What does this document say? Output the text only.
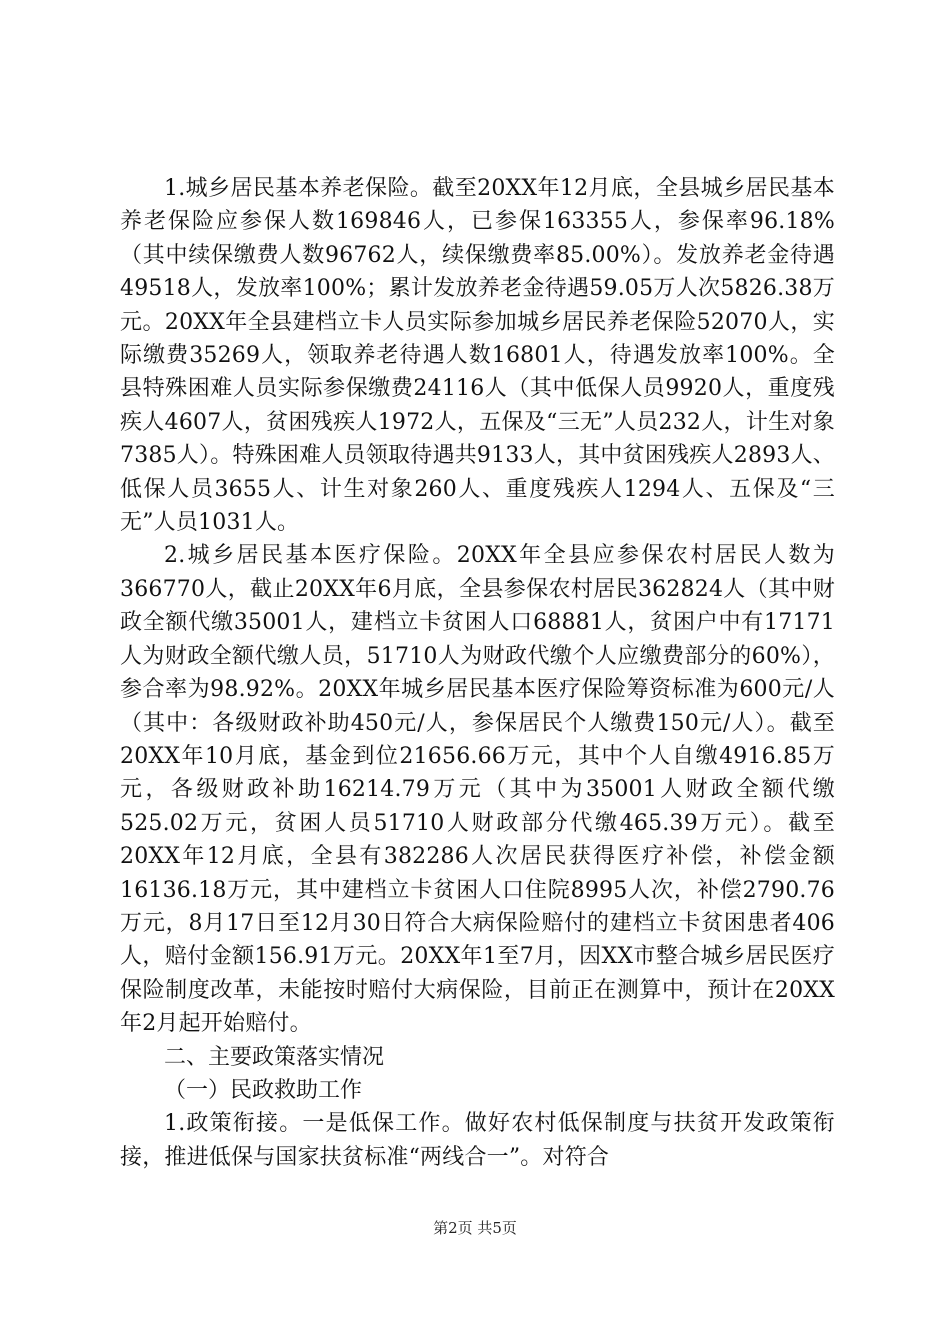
1.城乡居民基本养老保险。截至20XX年12月底，全县城乡居民基本养老保险应参保人数169846人，已参保163355人，参保率96.18%（其中续保缴费人数96762人，续保缴费率85.00%）。发放养老金待遇49518人，发放率100%；累计发放养老金待遇59.05万人次5826.38万元。20XX年全县建档立卡人员实际参加城乡居民养老保险52070人，实际缴费35269人，领取养老待遇人数16801人，待遇发放率100%。全县特殊困难人员实际参保缴费24116人（其中低保人员9920人，重度残疾人4607人，贫困残疾人1972人，五保及“三无”人员232人，计生对象7385人）。特殊困难人员领取待遇共9133人，其中贫困残疾人2893人、低保人员3655人、计生对象260人、重度残疾人1294人、五保及“三无”人员1031人。

2.城乡居民基本医疗保险。20XX年全县应参保农村居民人数为366770人，截止20XX年6月底，全县参保农村居民362824人（其中财政全额代缴35001人，建档立卡贫困人口68881人，贫困户中有17171人为财政全额代缴人员，51710人为财政代缴个人应缴费部分的60%），参合率为98.92%。20XX年城乡居民基本医疗保险筹资标准为600元/人（其中：各级财政补助450元/人，参保居民个人缴费150元/人）。截至20XX年10月底，基金到位21656.66万元，其中个人自缴4916.85万元，各级财政补助16214.79万元（其中为35001人财政全额代缴525.02万元，贫困人员51710人财政部分代缴465.39万元）。截至20XX年12月底，全县有382286人次居民获得医疗补偿，补偿金额16136.18万元，其中建档立卡贫困人口住院8995人次，补偿2790.76万元，8月17日至12月30日符合大病保险赔付的建档立卡贫困患者406人，赔付金额156.91万元。20XX年1至7月，因XX市整合城乡居民医疗保险制度改革，未能按时赔付大病保险，目前正在测算中，预计在20XX年2月起开始赔付。

二、主要政策落实情况

（一）民政救助工作

1.政策衔接。一是低保工作。做好农村低保制度与扶贫开发政策衔接，推进低保与国家扶贫标准“两线合一”。对符合

第2页 共5页
